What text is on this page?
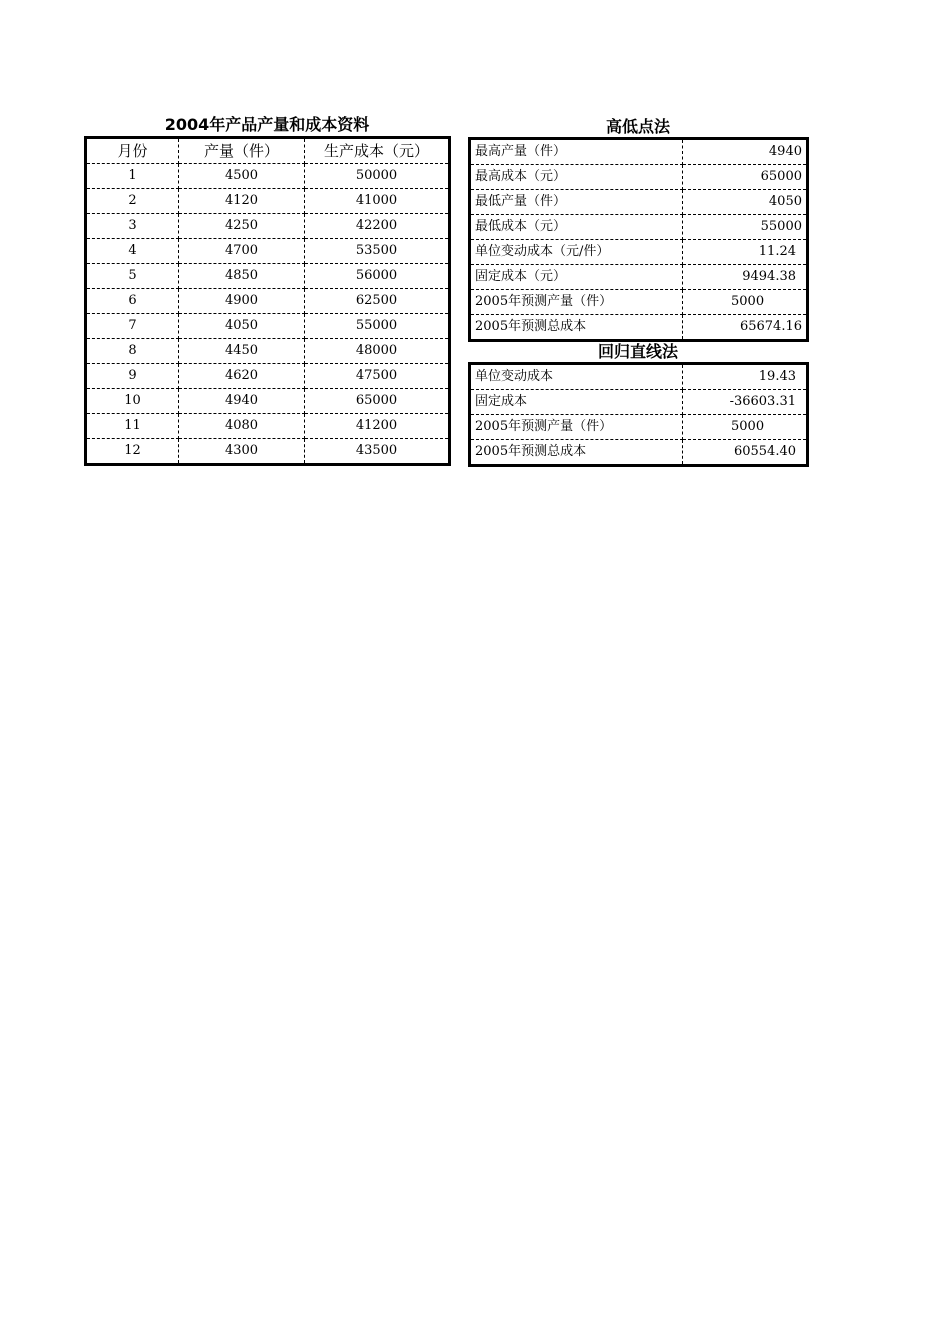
2004年产品产量和成本资料
月份	产量（件）	生产成本（元）
1	4500	50000
2	4120	41000
3	4250	42200
4	4700	53500
5	4850	56000
6	4900	62500
7	4050	55000
8	4450	48000
9	4620	47500
10	4940	65000
11	4080	41200
12	4300	43500
高低点法
最高产量（件）	4940
最高成本（元）	65000
最低产量（件）	4050
最低成本（元）	55000
单位变动成本（元/件）	11.24
固定成本（元）	9494.38
2005年预测产量（件）	5000
2005年预测总成本	65674.16
回归直线法
单位变动成本	19.43
固定成本	-36603.31
2005年预测产量（件）	5000
2005年预测总成本	60554.40
